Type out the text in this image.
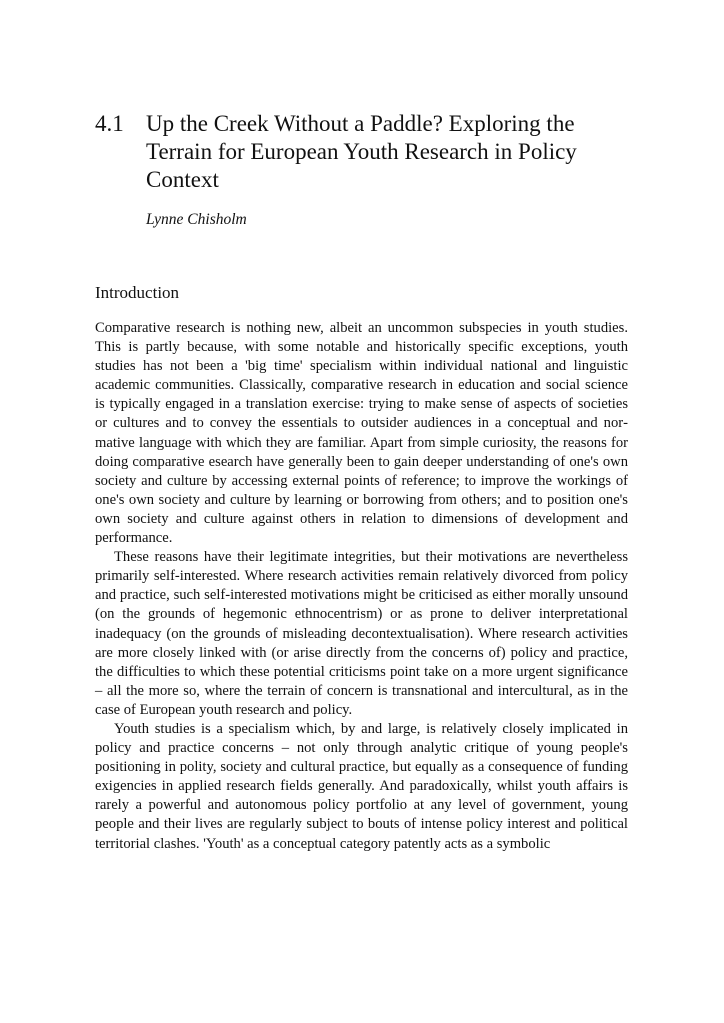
4.1 Up the Creek Without a Paddle? Exploring the Terrain for European Youth Research in Policy Context
Lynne Chisholm
Introduction

Comparative research is nothing new, albeit an uncommon subspecies in youth studies. This is partly because, with some notable and historically specific exceptions, youth studies has not been a 'big time' specialism within individual national and linguistic academic communities. Classically, comparative research in education and social science is typically engaged in a translation exercise: trying to make sense of aspects of societies or cultures and to convey the essentials to outsider audiences in a conceptual and normative language with which they are familiar. Apart from simple curiosity, the reasons for doing comparative esearch have generally been to gain deeper understanding of one's own society and culture by accessing external points of reference; to improve the workings of one's own society and culture by learning or borrowing from others; and to position one's own society and culture against others in relation to dimensions of development and performance.

These reasons have their legitimate integrities, but their motivations are nevertheless primarily self-interested. Where research activities remain relatively divorced from policy and practice, such self-interested motivations might be criticised as either morally unsound (on the grounds of hegemonic ethnocentrism) or as prone to deliver interpretational inadequacy (on the grounds of misleading decontextualisation). Where research activities are more closely linked with (or arise directly from the concerns of) policy and practice, the difficulties to which these potential criticisms point take on a more urgent significance – all the more so, where the terrain of concern is transnational and intercultural, as in the case of European youth research and policy.

Youth studies is a specialism which, by and large, is relatively closely implicated in policy and practice concerns – not only through analytic critique of young people's positioning in polity, society and cultural practice, but equally as a consequence of funding exigencies in applied research fields generally. And paradoxically, whilst youth affairs is rarely a powerful and autonomous policy portfolio at any level of government, young people and their lives are regularly subject to bouts of intense policy interest and political territorial clashes. 'Youth' as a conceptual category patently acts as a symbolic
